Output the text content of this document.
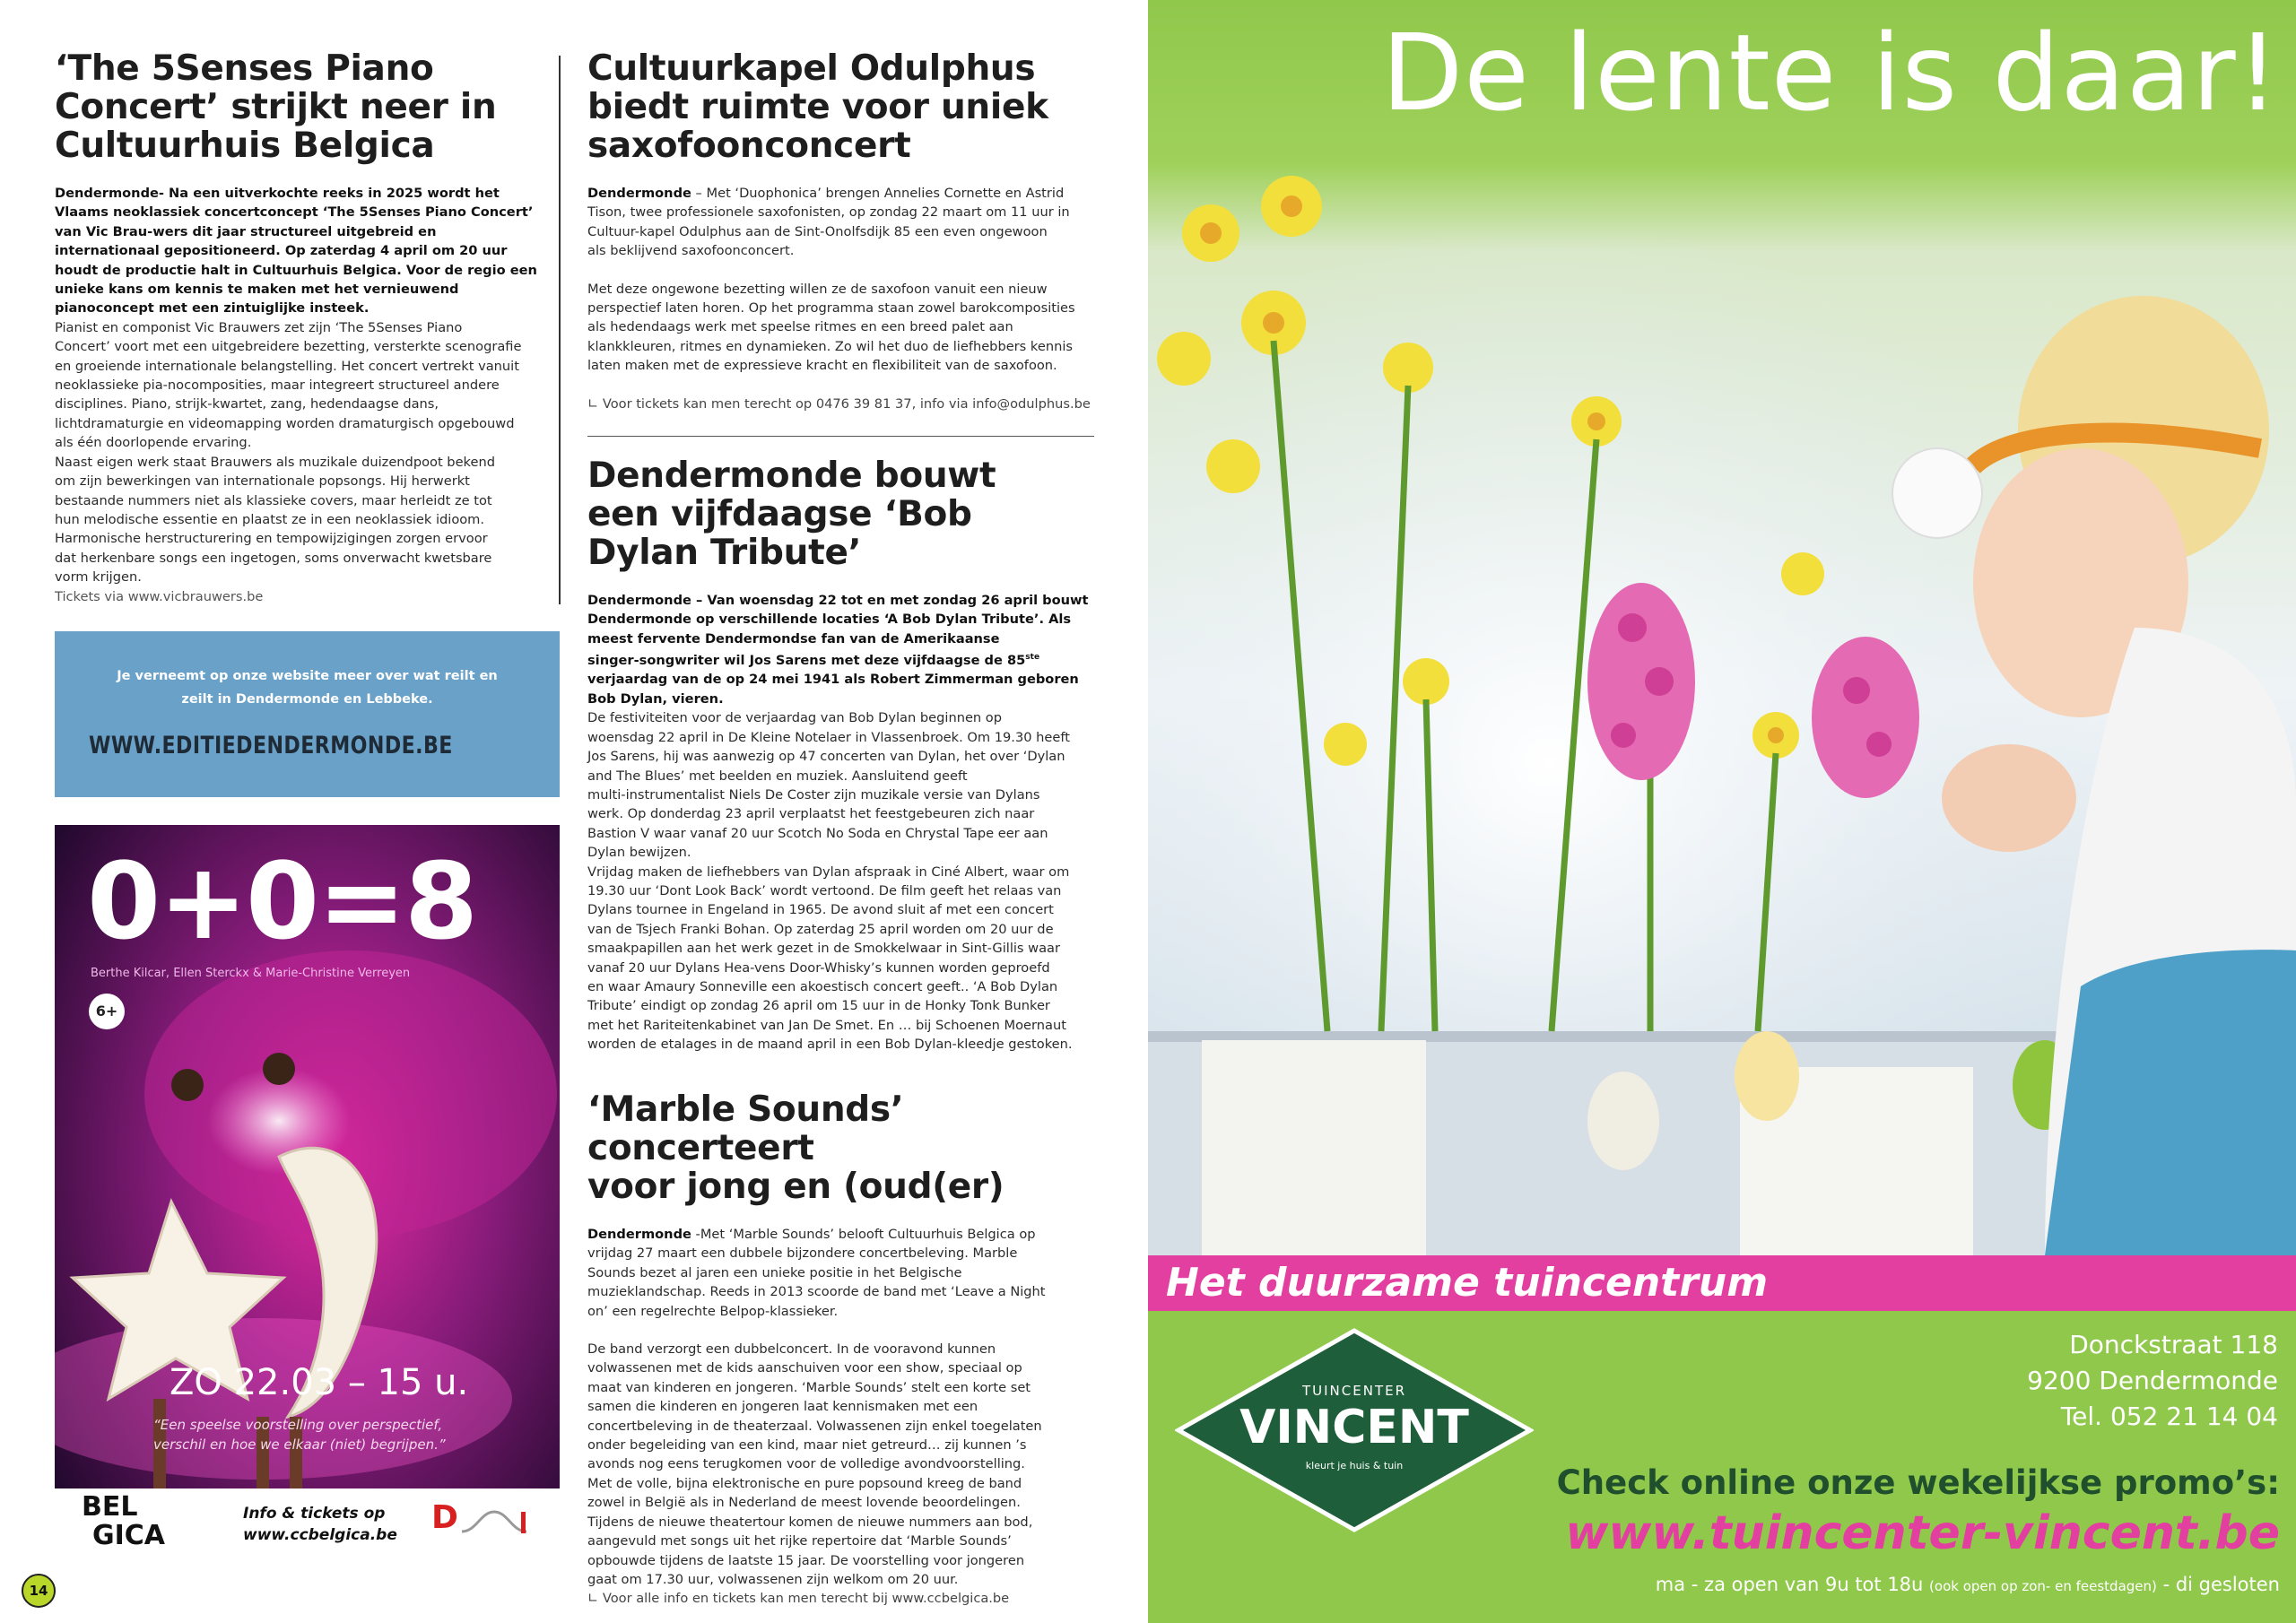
‘The 5Senses Piano
Concert’ strijkt neer in
Cultuurhuis Belgica
Dendermonde- Na een uitverkochte reeks in 2025 wordt het
Vlaams neoklassiek concertconcept ‘The 5Senses Piano Concert’
van Vic Brau-wers dit jaar structureel uitgebreid en
internationaal gepositioneerd. Op zaterdag 4 april om 20 uur
houdt de productie halt in Cultuurhuis Belgica. Voor de regio een
unieke kans om kennis te maken met het vernieuwend
pianoconcept met een zintuiglijke insteek.
Pianist en componist Vic Brauwers zet zijn ‘The 5Senses Piano
Concert’ voort met een uitgebreidere bezetting, versterkte scenografie
en groeiende internationale belangstelling. Het concert vertrekt vanuit
neoklassieke pia-nocomposities, maar integreert structureel andere
disciplines. Piano, strijk-kwartet, zang, hedendaagse dans,
lichtdramaturgie en videomapping worden dramaturgisch opgebouwd
als één doorlopende ervaring.
Naast eigen werk staat Brauwers als muzikale duizendpoot bekend
om zijn bewerkingen van internationale popsongs. Hij herwerkt
bestaande nummers niet als klassieke covers, maar herleidt ze tot
hun melodische essentie en plaatst ze in een neoklassiek idioom.
Harmonische herstructurering en tempowijzigingen zorgen ervoor
dat herkenbare songs een ingetogen, soms onverwacht kwetsbare
vorm krijgen.
Tickets via www.vicbrauwers.be
Je verneemt op onze website meer over wat reilt en
zeilt in Dendermonde en Lebbeke.
WWW.EDITIEDENDERMONDE.BE
0+0=8
Berthe Kilcar, Ellen Sterckx & Marie-Christine Verreyen
6+
ZO 22.03 – 15 u.
“Een speelse voorstelling over perspectief,
verschil en hoe we elkaar (niet) begrijpen.”
BEL
GICA
Info & tickets op
www.ccbelgica.be D
14
Cultuurkapel Odulphus
biedt ruimte voor uniek
saxofoonconcert
Dendermonde – Met ‘Duophonica’ brengen Annelies Cornette en Astrid
Tison, twee professionele saxofonisten, op zondag 22 maart om 11 uur in
Cultuur-kapel Odulphus aan de Sint-Onolfsdijk 85 een even ongewoon
als beklijvend saxofoonconcert.
Met deze ongewone bezetting willen ze de saxofoon vanuit een nieuw
perspectief laten horen. Op het programma staan zowel barokcomposities
als hedendaags werk met speelse ritmes en een breed palet aan
klankkleuren, ritmes en dynamieken. Zo wil het duo de liefhebbers kennis
laten maken met de expressieve kracht en flexibiliteit van de saxofoon.
∟ Voor tickets kan men terecht op 0476 39 81 37, info via info@odulphus.be
Dendermonde bouwt
een vijfdaagse ‘Bob
Dylan Tribute’
Dendermonde – Van woensdag 22 tot en met zondag 26 april bouwt
Dendermonde op verschillende locaties ‘A Bob Dylan Tribute’. Als
meest fervente Dendermondse fan van de Amerikaanse
singer-songwriter wil Jos Sarens met deze vijfdaagse de 85ste
verjaardag van de op 24 mei 1941 als Robert Zimmerman geboren
Bob Dylan, vieren.
De festiviteiten voor de verjaardag van Bob Dylan beginnen op
woensdag 22 april in De Kleine Notelaer in Vlassenbroek. Om 19.30 heeft
Jos Sarens, hij was aanwezig op 47 concerten van Dylan, het over ‘Dylan
and The Blues’ met beelden en muziek. Aansluitend geeft
multi-instrumentalist Niels De Coster zijn muzikale versie van Dylans
werk. Op donderdag 23 april verplaatst het feestgebeuren zich naar
Bastion V waar vanaf 20 uur Scotch No Soda en Chrystal Tape eer aan
Dylan bewijzen.
Vrijdag maken de liefhebbers van Dylan afspraak in Ciné Albert, waar om
19.30 uur ‘Dont Look Back’ wordt vertoond. De film geeft het relaas van
Dylans tournee in Engeland in 1965. De avond sluit af met een concert
van de Tsjech Franki Bohan. Op zaterdag 25 april worden om 20 uur de
smaakpapillen aan het werk gezet in de Smokkelwaar in Sint-Gillis waar
vanaf 20 uur Dylans Hea-vens Door-Whisky’s kunnen worden geproefd
en waar Amaury Sonneville een akoestisch concert geeft.. ‘A Bob Dylan
Tribute’ eindigt op zondag 26 april om 15 uur in de Honky Tonk Bunker
met het Rariteitenkabinet van Jan De Smet. En … bij Schoenen Moernaut
worden de etalages in de maand april in een Bob Dylan-kleedje gestoken.
‘Marble Sounds’ concerteert
voor jong en (oud(er)
Dendermonde -Met ‘Marble Sounds’ belooft Cultuurhuis Belgica op
vrijdag 27 maart een dubbele bijzondere concertbeleving. Marble
Sounds bezet al jaren een unieke positie in het Belgische
muzieklandschap. Reeds in 2013 scoorde de band met ‘Leave a Night
on’ een regelrechte Belpop-klassieker.
De band verzorgt een dubbelconcert. In de vooravond kunnen
volwassenen met de kids aanschuiven voor een show, speciaal op
maat van kinderen en jongeren. ‘Marble Sounds’ stelt een korte set
samen die kinderen en jongeren laat kennismaken met een
concertbeleving in de theaterzaal. Volwassenen zijn enkel toegelaten
onder begeleiding van een kind, maar niet getreurd… zij kunnen ’s
avonds nog eens terugkomen voor de volledige avondvoorstelling.
Met de volle, bijna elektronische en pure popsound kreeg de band
zowel in België als in Nederland de meest lovende beoordelingen.
Tijdens de nieuwe theatertour komen de nieuwe nummers aan bod,
aangevuld met songs uit het rijke repertoire dat ‘Marble Sounds’
opbouwde tijdens de laatste 15 jaar. De voorstelling voor jongeren
gaat om 17.30 uur, volwassenen zijn welkom om 20 uur.
∟ Voor alle info en tickets kan men terecht bij www.ccbelgica.be
De lente is daar!
Het duurzame tuincentrum
Donckstraat 118
9200 Dendermonde
Tel. 052 21 14 04
TUINCENTER
VINCENT
kleurt je huis & tuin	Check online onze wekelijkse promo’s:
www.tuincenter-vincent.be
ma - za open van 9u tot 18u (ook open op zon- en feestdagen) - di gesloten
